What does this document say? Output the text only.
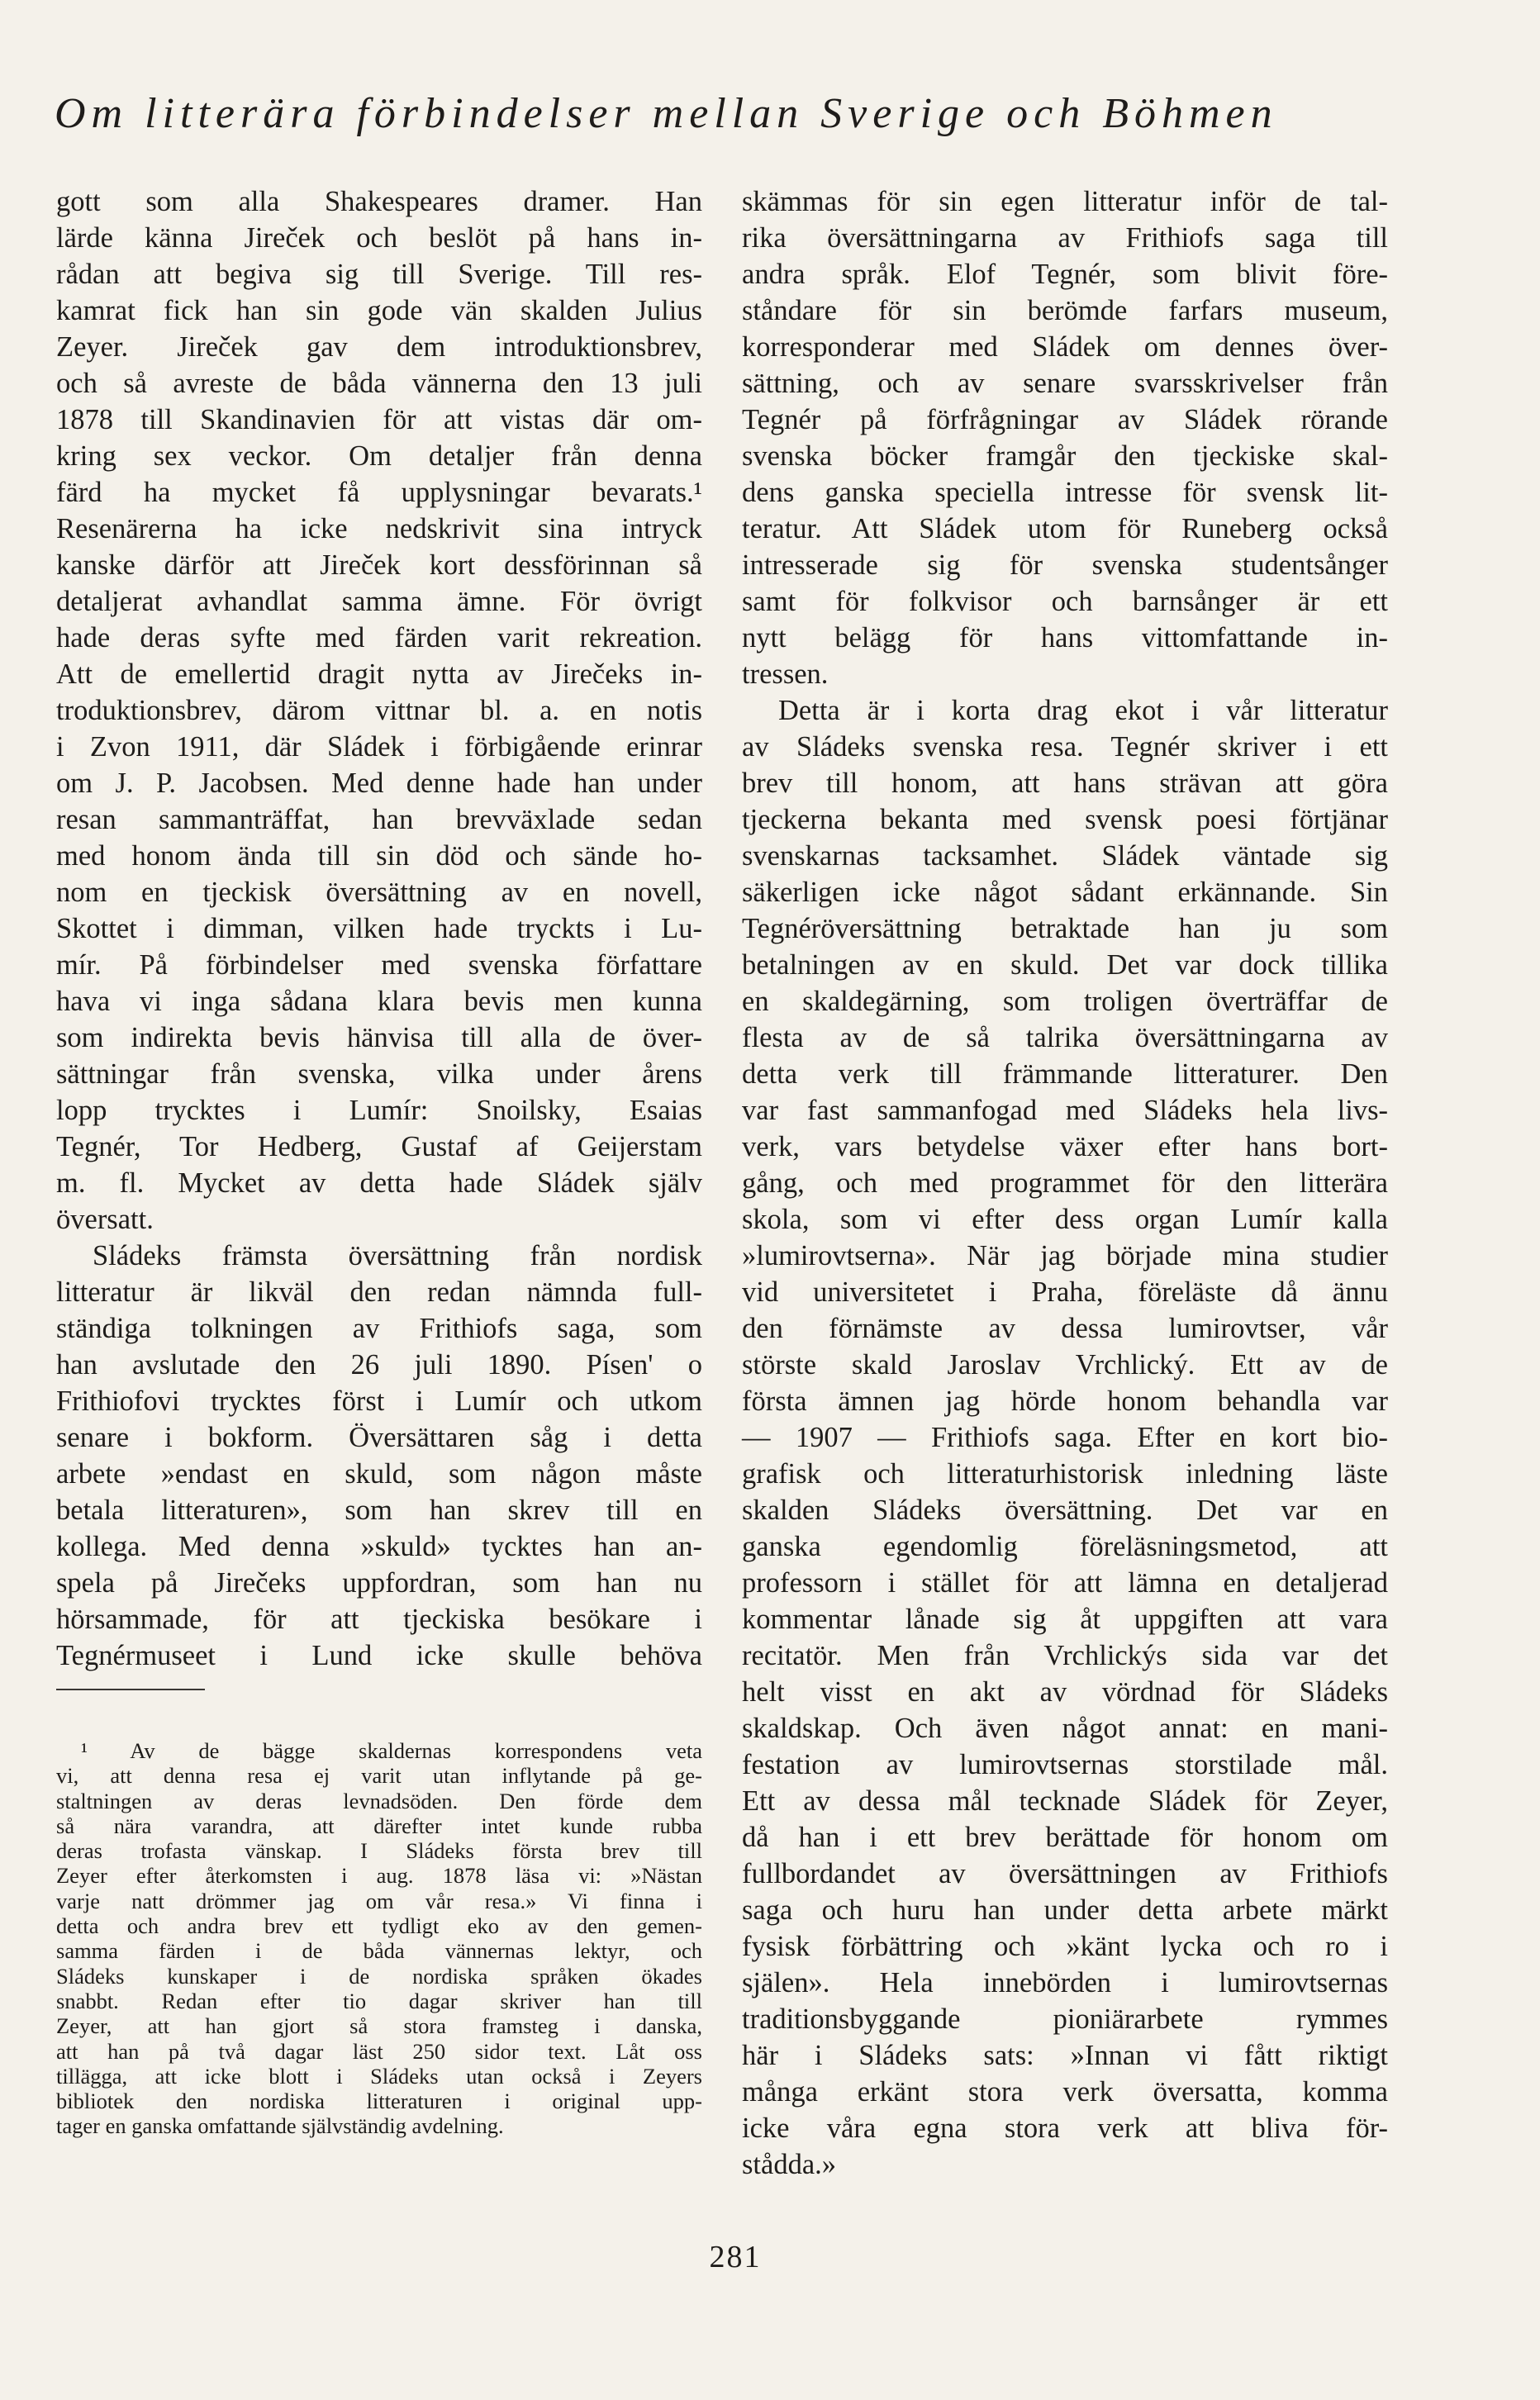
Om litterära förbindelser mellan Sverige och Böhmen
gott som alla Shakespeares dramer. Han
lärde känna Jireček och beslöt på hans in-
rådan att begiva sig till Sverige. Till res-
kamrat fick han sin gode vän skalden Julius
Zeyer. Jireček gav dem introduktionsbrev,
och så avreste de båda vännerna den 13 juli
1878 till Skandinavien för att vistas där om-
kring sex veckor. Om detaljer från denna
färd ha mycket få upplysningar bevarats.¹
Resenärerna ha icke nedskrivit sina intryck
kanske därför att Jireček kort dessförinnan så
detaljerat avhandlat samma ämne. För övrigt
hade deras syfte med färden varit rekreation.
Att de emellertid dragit nytta av Jirečeks in-
troduktionsbrev, därom vittnar bl. a. en notis
i Zvon 1911, där Sládek i förbigående erinrar
om J. P. Jacobsen. Med denne hade han under
resan sammanträffat, han brevväxlade sedan
med honom ända till sin död och sände ho-
nom en tjeckisk översättning av en novell,
Skottet i dimman, vilken hade tryckts i Lu-
mír. På förbindelser med svenska författare
hava vi inga sådana klara bevis men kunna
som indirekta bevis hänvisa till alla de över-
sättningar från svenska, vilka under årens
lopp trycktes i Lumír: Snoilsky, Esaias
Tegnér, Tor Hedberg, Gustaf af Geijerstam
m. fl. Mycket av detta hade Sládek själv
översatt.
Sládeks främsta översättning från nordisk
litteratur är likväl den redan nämnda full-
ständiga tolkningen av Frithiofs saga, som
han avslutade den 26 juli 1890. Písen' o
Frithiofovi trycktes först i Lumír och utkom
senare i bokform. Översättaren såg i detta
arbete »endast en skuld, som någon måste
betala litteraturen», som han skrev till en
kollega. Med denna »skuld» tycktes han an-
spela på Jirečeks uppfordran, som han nu
hörsammade, för att tjeckiska besökare i
Tegnérmuseet i Lund icke skulle behöva
skämmas för sin egen litteratur inför de tal-
rika översättningarna av Frithiofs saga till
andra språk. Elof Tegnér, som blivit före-
ståndare för sin berömde farfars museum,
korresponderar med Sládek om dennes över-
sättning, och av senare svarsskrivelser från
Tegnér på förfrågningar av Sládek rörande
svenska böcker framgår den tjeckiske skal-
dens ganska speciella intresse för svensk lit-
teratur. Att Sládek utom för Runeberg också
intresserade sig för svenska studentsånger
samt för folkvisor och barnsånger är ett
nytt belägg för hans vittomfattande in-
tressen.
Detta är i korta drag ekot i vår litteratur
av Sládeks svenska resa. Tegnér skriver i ett
brev till honom, att hans strävan att göra
tjeckerna bekanta med svensk poesi förtjänar
svenskarnas tacksamhet. Sládek väntade sig
säkerligen icke något sådant erkännande. Sin
Tegnéröversättning betraktade han ju som
betalningen av en skuld. Det var dock tillika
en skaldegärning, som troligen överträffar de
flesta av de så talrika översättningarna av
detta verk till främmande litteraturer. Den
var fast sammanfogad med Sládeks hela livs-
verk, vars betydelse växer efter hans bort-
gång, och med programmet för den litterära
skola, som vi efter dess organ Lumír kalla
»lumirovtserna». När jag började mina studier
vid universitetet i Praha, föreläste då ännu
den förnämste av dessa lumirovtser, vår
störste skald Jaroslav Vrchlický. Ett av de
första ämnen jag hörde honom behandla var
— 1907 — Frithiofs saga. Efter en kort bio-
grafisk och litteraturhistorisk inledning läste
skalden Sládeks översättning. Det var en
ganska egendomlig föreläsningsmetod, att
professorn i stället för att lämna en detaljerad
kommentar lånade sig åt uppgiften att vara
recitatör. Men från Vrchlickýs sida var det
helt visst en akt av vördnad för Sládeks
skaldskap. Och även något annat: en mani-
festation av lumirovtsernas storstilade mål.
Ett av dessa mål tecknade Sládek för Zeyer,
då han i ett brev berättade för honom om
fullbordandet av översättningen av Frithiofs
saga och huru han under detta arbete märkt
fysisk förbättring och »känt lycka och ro i
själen». Hela innebörden i lumirovtsernas
traditionsbyggande pioniärarbete rymmes
här i Sládeks sats: »Innan vi fått riktigt
många erkänt stora verk översatta, komma
icke våra egna stora verk att bliva för-
stådda.»
¹ Av de bägge skaldernas korrespondens veta
vi, att denna resa ej varit utan inflytande på ge-
staltningen av deras levnadsöden. Den förde dem
så nära varandra, att därefter intet kunde rubba
deras trofasta vänskap. I Sládeks första brev till
Zeyer efter återkomsten i aug. 1878 läsa vi: »Nästan
varje natt drömmer jag om vår resa.» Vi finna i
detta och andra brev ett tydligt eko av den gemen-
samma färden i de båda vännernas lektyr, och
Sládeks kunskaper i de nordiska språken ökades
snabbt. Redan efter tio dagar skriver han till
Zeyer, att han gjort så stora framsteg i danska,
att han på två dagar läst 250 sidor text. Låt oss
tillägga, att icke blott i Sládeks utan också i Zeyers
bibliotek den nordiska litteraturen i original upp-
tager en ganska omfattande självständig avdelning.
281
